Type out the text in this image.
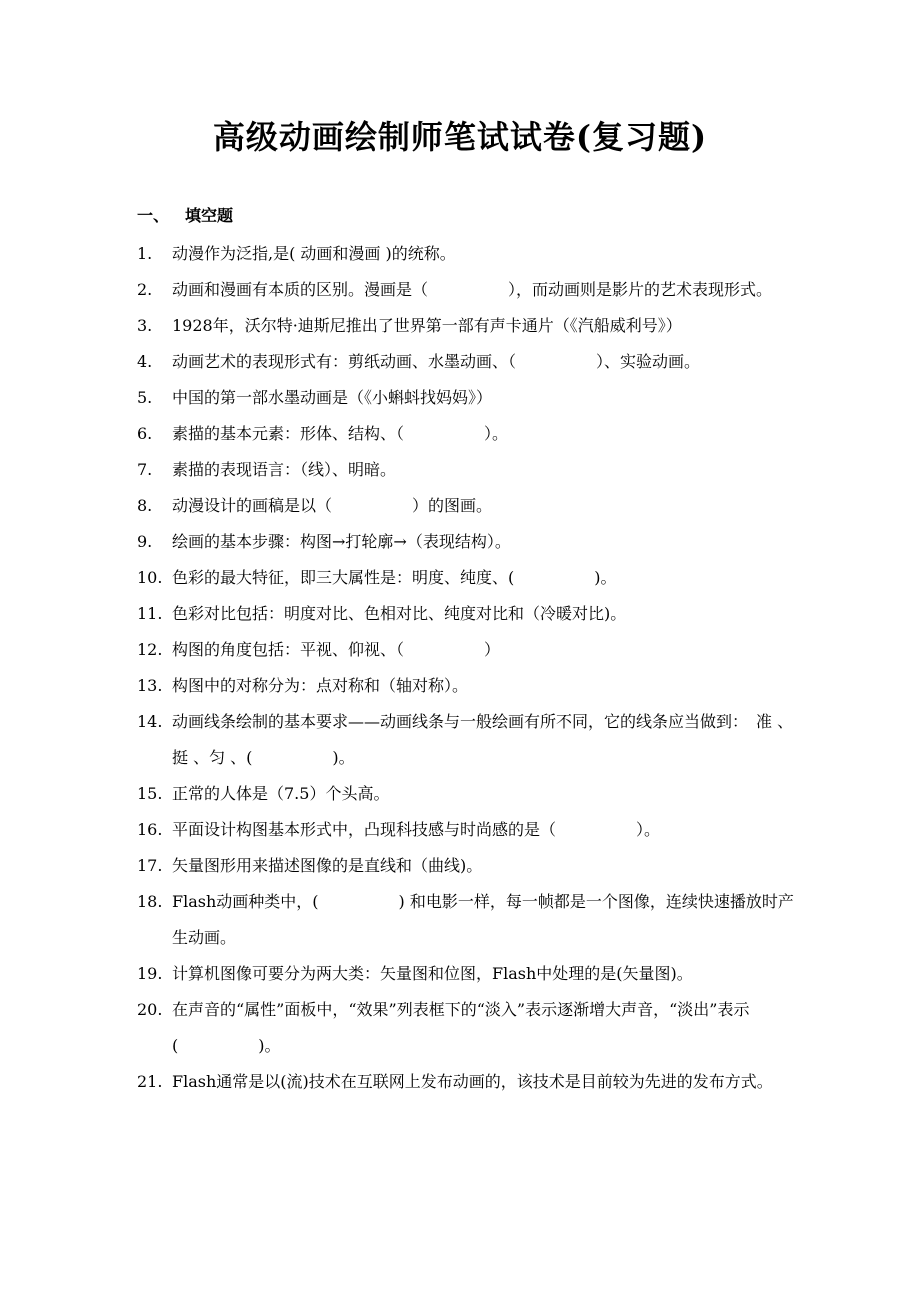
高级动画绘制师笔试试卷(复习题)
一、 填空题
1. 动漫作为泛指,是( 动画和漫画 )的统称。
2. 动画和漫画有本质的区别。漫画是（　　　　　），而动画则是影片的艺术表现形式。
3. 1928年，沃尔特·迪斯尼推出了世界第一部有声卡通片（《汽船威利号》）
4. 动画艺术的表现形式有：剪纸动画、水墨动画、（　　　　　）、实验动画。
5. 中国的第一部水墨动画是（《小蝌蚪找妈妈》）
6. 素描的基本元素：形体、结构、（　　　　　）。
7. 素描的表现语言：（线）、明暗。
8. 动漫设计的画稿是以（　　　　　）的图画。
9. 绘画的基本步骤：构图→打轮廓→（表现结构）。
10. 色彩的最大特征，即三大属性是：明度、纯度、(　　　　　)。
11. 色彩对比包括：明度对比、色相对比、纯度对比和（冷暖对比)。
12. 构图的角度包括：平视、仰视、（　　　　　）
13. 构图中的对称分为：点对称和（轴对称）。
14. 动画线条绘制的基本要求——动画线条与一般绘画有所不同，它的线条应当做到：　准 、挺 、匀 、(　　　　　)。
15. 正常的人体是（7.5）个头高。
16. 平面设计构图基本形式中，凸现科技感与时尚感的是（　　　　　）。
17. 矢量图形用来描述图像的是直线和（曲线)。
18. Flash动画种类中，(　　　　　) 和电影一样，每一帧都是一个图像，连续快速播放时产生动画。
19. 计算机图像可要分为两大类：矢量图和位图，Flash中处理的是(矢量图)。
20. 在声音的“属性”面板中，“效果”列表框下的“淡入”表示逐渐增大声音，“淡出”表示(　　　　　)。
21. Flash通常是以(流)技术在互联网上发布动画的，该技术是目前较为先进的发布方式。
